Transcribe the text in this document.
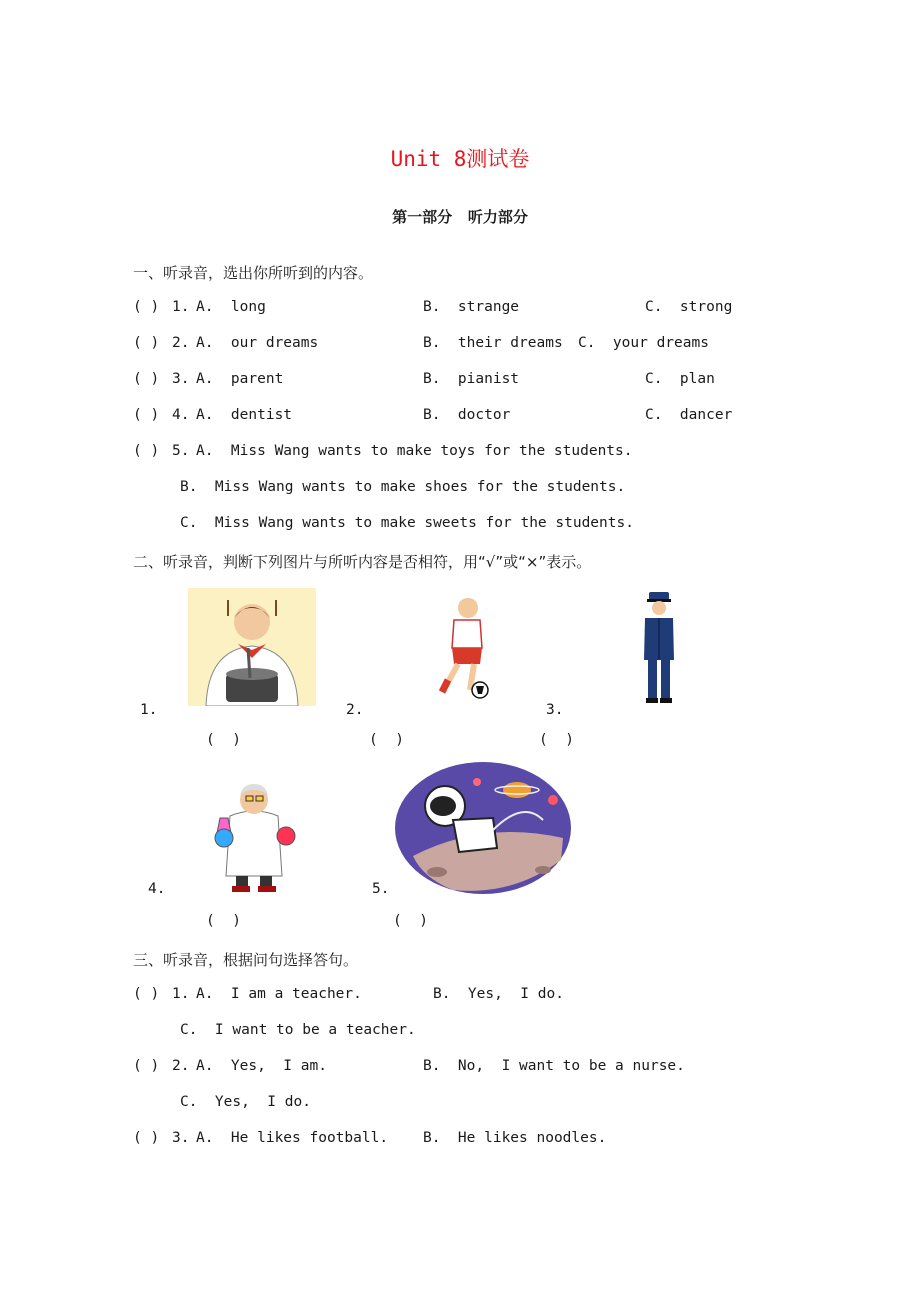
Unit 8测试卷
第一部分   听力部分
一、听录音，选出你所听到的内容。
( ) 1. A.  long	B.  strange	C.  strong
( ) 2. A.  our dreams	B.  their dreams C.  your dreams
( ) 3. A.  parent	B.  pianist	C.  plan
( ) 4. A.  dentist	B.  doctor	C.  dancer
( ) 5. A.  Miss Wang wants to make toys for the students.
B.  Miss Wang wants to make shoes for the students.
C.  Miss Wang wants to make sweets for the students.
二、听录音，判断下列图片与所听内容是否相符，用“√”或“×”表示。
1.
(  )
2.
(  )
3.
(  )
4.
(  )
5.
(  )
三、听录音，根据问句选择答句。
( ) 1. A.  I am a teacher.	B.  Yes,  I do.
C.  I want to be a teacher.
( ) 2. A.  Yes,  I am.	B.  No,  I want to be a nurse.
C.  Yes,  I do.
( ) 3. A.  He likes football. B.  He likes noodles.
